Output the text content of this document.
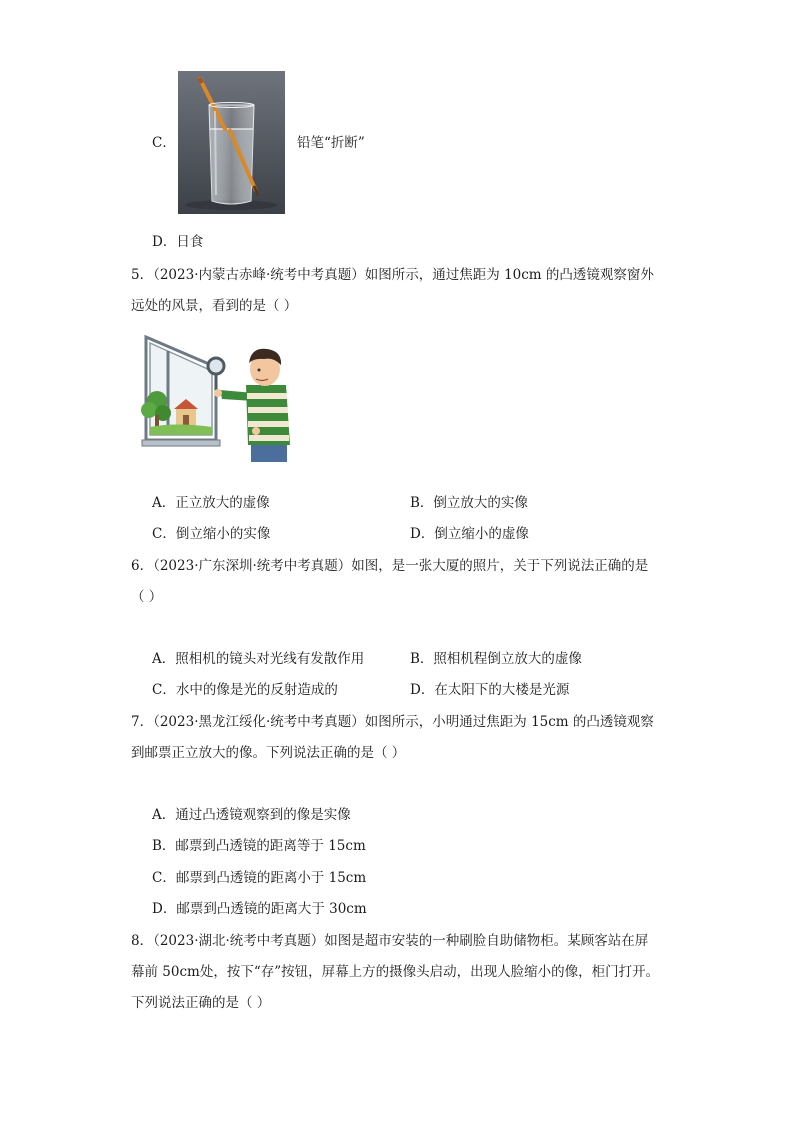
C．	铅笔“折断”
D．日食
5．（2023·内蒙古赤峰·统考中考真题）如图所示，通过焦距为 10cm 的凸透镜观察窗外
远处的风景，看到的是（ ）
A．正立放大的虚像	B．倒立放大的实像
C．倒立缩小的实像	D．倒立缩小的虚像
6．（2023·广东深圳·统考中考真题）如图，是一张大厦的照片，关于下列说法正确的是
（ ）
A．照相机的镜头对光线有发散作用	B．照相机程倒立放大的虚像
C．水中的像是光的反射造成的	D．在太阳下的大楼是光源
7．（2023·黑龙江绥化·统考中考真题）如图所示，小明通过焦距为 15cm 的凸透镜观察
到邮票正立放大的像。下列说法正确的是（ ）
A．通过凸透镜观察到的像是实像
B．邮票到凸透镜的距离等于 15cm
C．邮票到凸透镜的距离小于 15cm
D．邮票到凸透镜的距离大于 30cm
8．（2023·湖北·统考中考真题）如图是超市安装的一种刷脸自助储物柜。某顾客站在屏
幕前 50cm处，按下“存”按钮，屏幕上方的摄像头启动，出现人脸缩小的像，柜门打开。
下列说法正确的是（ ）
